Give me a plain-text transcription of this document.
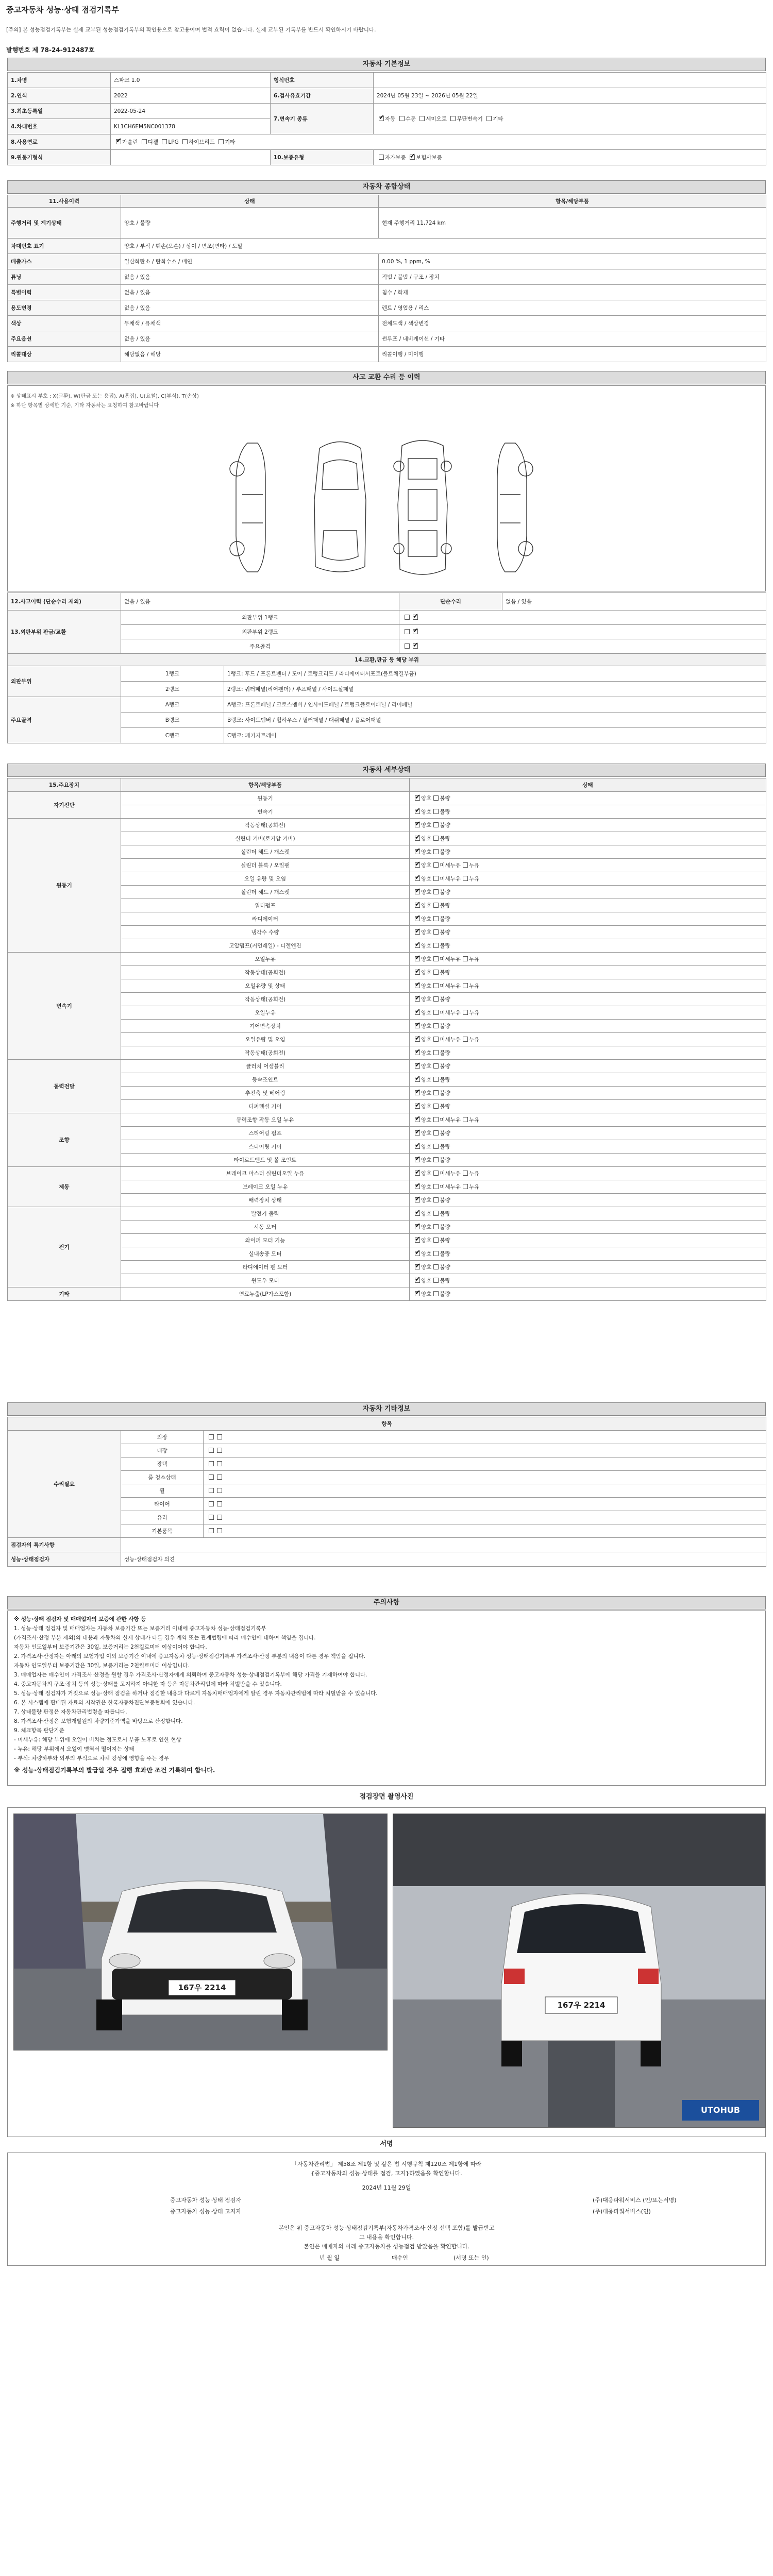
중고자동차 성능·상태 점검기록부
[주의] 본 성능점검기록부는 실제 교부된 성능점검기록부의 확인용으로 참고용이며 법적 효력이 없습니다. 실제 교부된 기록부를 반드시 확인하시기 바랍니다.
발행번호 제 78-24-912487호
자동차 기본정보
1.차명	스파크 1.0	형식번호	
2.연식	2022	6.검사유효기간	2024년 05월 23일 ~ 2026년 05월 22일
3.최초등록일	2022-05-24	7.변속기 종류	✔자동 수동 세미오토 무단변속기 기타
4.차대번호	KL1CH6EM5NC001378		
8.사용연료	✔가솔린 디젤 LPG 하이브리드 기타
9.원동기형식		10.보증유형	자가보증 ✔ 보험사보증
자동차 종합상태
11.사용이력	상태	항목/해당부품
주행거리 및 계기상태	양호 / 불량	현재 주행거리 11,724 km
차대번호 표기	양호 / 부식 / 훼손(오손) / 상이 / 변조(변타) / 도말	
배출가스	일산화탄소 / 탄화수소 / 매연	0.00 %, 1 ppm, %
튜닝	없음 / 있음	적법 / 불법 / 구조 / 장치
특별이력	없음 / 있음	침수 / 화재
용도변경	없음 / 있음	렌트 / 영업용 / 리스
색상	무채색 / 유채색	전체도색 / 색상변경
주요옵션	없음 / 있음	썬루프 / 네비게이션 / 기타
리콜대상	해당없음 / 해당	리콜이행 / 미이행
사고 교환 수리 등 이력
※ 상태표시 부호 : X(교환), W(판금 또는 용접), A(흠집), U(요철), C(부식), T(손상)
※ 하단 항목별 상세한 기준, 기타 자동차는 요청하여 참고바랍니다
12.사고이력 (단순수리 제외)	없음 / 있음		단순수리	없음 / 있음
13.외판부위 판금/교환	외판부위 1랭크	✔
	외판부위 2랭크	✔
	주요골격	✔
14.교환,판금 등 해당 부위				
외판부위	1랭크	1랭크: 후드 / 프론트펜더 / 도어 / 트렁크리드 / 라디에이터서포트(볼트체결부품)		
	2랭크	2랭크: 쿼터패널(리어펜더) / 루프패널 / 사이드실패널		
주요골격	A랭크	A랭크: 프론트패널 / 크로스멤버 / 인사이드패널 / 트렁크플로어패널 / 리어패널		
	B랭크	B랭크: 사이드멤버 / 휠하우스 / 필러패널 / 대쉬패널 / 플로어패널		
	C랭크	C랭크: 패키지트레이		
자동차 세부상태
15.주요장치	항목/해당부품	상태
자기진단	원동기	✔양호 불량
	변속기	✔양호 불량
원동기	작동상태(공회전)	✔양호 불량
	실린더 커버(로커암 커버)	✔양호 불량
	실린더 헤드 / 개스켓	✔양호 불량
	실린더 블록 / 오일팬	✔양호 미세누유 누유
	오일 유량 및 오염	✔양호 미세누유 누유
	실린더 헤드 / 개스켓	✔양호 불량
	워터펌프	✔양호 불량
	라디에이터	✔양호 불량
	냉각수 수량	✔양호 불량
	고압펌프(커먼레일) - 디젤엔진	✔양호 불량
변속기	오일누유	✔양호 미세누유 누유
	작동상태(공회전)	✔양호 불량
	오일유량 및 상태	✔양호 미세누유 누유
	작동상태(공회전)	✔양호 불량
	오일누유	✔양호 미세누유 누유
	기어변속장치	✔양호 불량
	오일유량 및 오염	✔양호 미세누유 누유
	작동상태(공회전)	✔양호 불량
동력전달	클러치 어셈블리	✔양호 불량
	등속조인트	✔양호 불량
	추진축 및 베어링	✔양호 불량
	디퍼렌셜 기어	✔양호 불량
조향	동력조향 작동 오일 누유	✔양호 미세누유 누유
	스티어링 펌프	✔양호 불량
	스티어링 기어	✔양호 불량
	타이로드엔드 및 볼 조인트	✔양호 불량
제동	브레이크 마스터 실린더오일 누유	✔양호 미세누유 누유
	브레이크 오일 누유	✔양호 미세누유 누유
	배력장치 상태	✔양호 불량
전기	발전기 출력	✔양호 불량
	시동 모터	✔양호 불량
	와이퍼 모터 기능	✔양호 불량
	실내송풍 모터	✔양호 불량
	라디에이터 팬 모터	✔양호 불량
	윈도우 모터	✔양호 불량
기타	연료누출(LP가스포함)	✔양호 불량
자동차 기타정보
항목		
수리필요	외장	
	내장	
	광택	
	룸 청소상태	
	휠	
	타이어	
	유리	
	기본품목	
점검자의 특기사항		
성능·상태점검자	성능·상태점검자 의견	
주의사항

※ 성능·상태 점검자 및 매매업자의 보증에 관한 사항 등

1. 성능·상태 점검자 및 매매업자는 자동차 보증기간 또는 보증거리 이내에 중고자동차 성능·상태점검기록부

(가격조사·산정 부분 제외)의 내용과 자동차의 실제 상태가 다른 경우 계약 또는 관계법령에 따라 매수인에 대하여 책임을 집니다.

자동차 인도일부터 보증기간은 30일, 보증거리는 2천킬로미터 이상이어야 합니다.

2. 가격조사·산정자는 아래의 보험가입 이외 보증기간 이내에 중고자동차 성능·상태점검기록부 가격조사·산정 부분의 내용이 다른 경우 책임을 집니다.

자동차 인도일부터 보증기간은 30일, 보증거리는 2천킬로미터 이상입니다.

3. 매매업자는 매수인이 가격조사·산정을 원할 경우 가격조사·산정자에게 의뢰하여 중고자동차 성능·상태점검기록부에 해당 가격을 기재하여야 합니다.

4. 중고자동차의 구조·장치 등의 성능·상태를 고지하지 아니한 자 등은 자동차관리법에 따라 처벌받을 수 있습니다.

5. 성능·상태 점검자가 거짓으로 성능·상태 점검을 하거나 점검한 내용과 다르게 자동차매매업자에게 알린 경우 자동차관리법에 따라 처벌받을 수 있습니다.

6. 본 시스템에 판매된 자료의 저작권은 한국자동차진단보증협회에 있습니다.

7. 상태불량 판정은 자동차관리법령을 따릅니다.

8. 가격조사·산정은 보험개발원의 차량기준가액을 바탕으로 산정합니다.

9. 체크항목 판단기준

- 미세누유: 해당 부위에 오일이 비치는 정도로서 부품 노후로 인한 현상

- 누유: 해당 부위에서 오일이 맺혀서 떨어지는 상태

- 부식: 차량하부와 외부의 부식으로 차체 강성에 영향을 주는 경우

※ 성능·상태점검기록부의 발급일 경우 집행 효과만 조건 기록하여 합니다.

점검장면 촬영사진
167우 2214
167우 2214
UTOHUB
서명
「자동차관리법」 제58조 제1항 및 같은 법 시행규칙 제120조 제1항에 따라
{중고자동차의 성능·상태를 점검, 고지}하였음을 확인합니다.
2024년 11월 29일
중고자동차 성능·상태 점검자	(주)대웅파워서비스 (인/또는서명)
중고자동차 성능·상태 고지자	(주)대웅파워서비스(인)
본인은 위 중고자동차 성능·상태점검기록부(자동차가격조사·산정 선택 포함)를 발급받고
그 내용을 확인합니다.
본인은 매매자의 아래 중고자동차를 성능점검 받았음을 확인합니다.
년 월 일	매수인	(서명 또는 인)
